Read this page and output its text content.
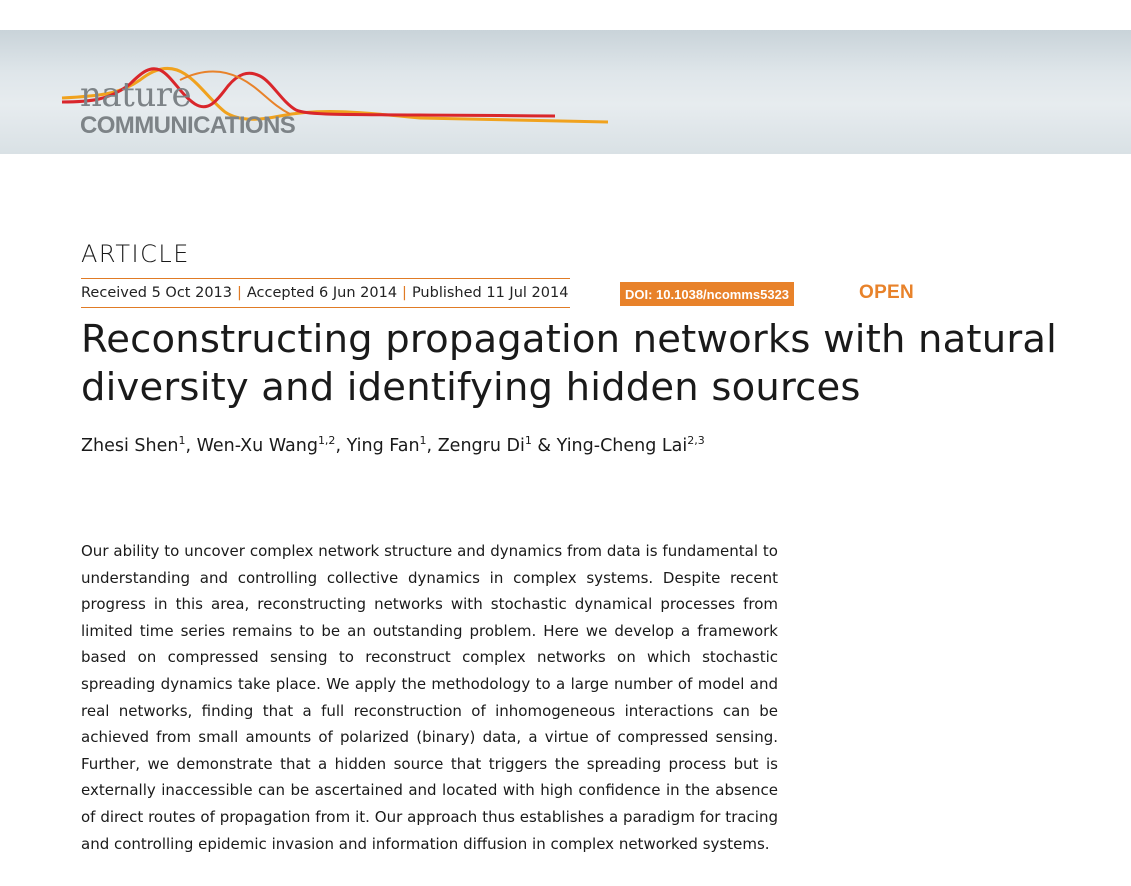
nature
COMMUNICATIONS
ARTICLE
Received 5 Oct 2013 | Accepted 6 Jun 2014 | Published 11 Jul 2014	DOI: 10.1038/ncomms5323	OPEN
Reconstructing propagation networks with natural diversity and identifying hidden sources
Zhesi Shen$^1$, Wen-Xu Wang$^{1,2}$, Ying Fan$^1$, Zengru Di$^1$ & Ying-Cheng Lai$^{2,3}$

Our ability to uncover complex network structure and dynamics from data is fundamental to understanding and controlling collective dynamics in complex systems. Despite recent progress in this area, reconstructing networks with stochastic dynamical processes from limited time series remains to be an outstanding problem. Here we develop a framework based on compressed sensing to reconstruct complex networks on which stochastic spreading dynamics take place. We apply the methodology to a large number of model and real networks, finding that a full reconstruction of inhomogeneous interactions can be achieved from small amounts of polarized (binary) data, a virtue of compressed sensing. Further, we demonstrate that a hidden source that triggers the spreading process but is externally inaccessible can be ascertained and located with high confidence in the absence of direct routes of propagation from it. Our approach thus establishes a paradigm for tracing and controlling epidemic invasion and information diffusion in complex networked systems.
